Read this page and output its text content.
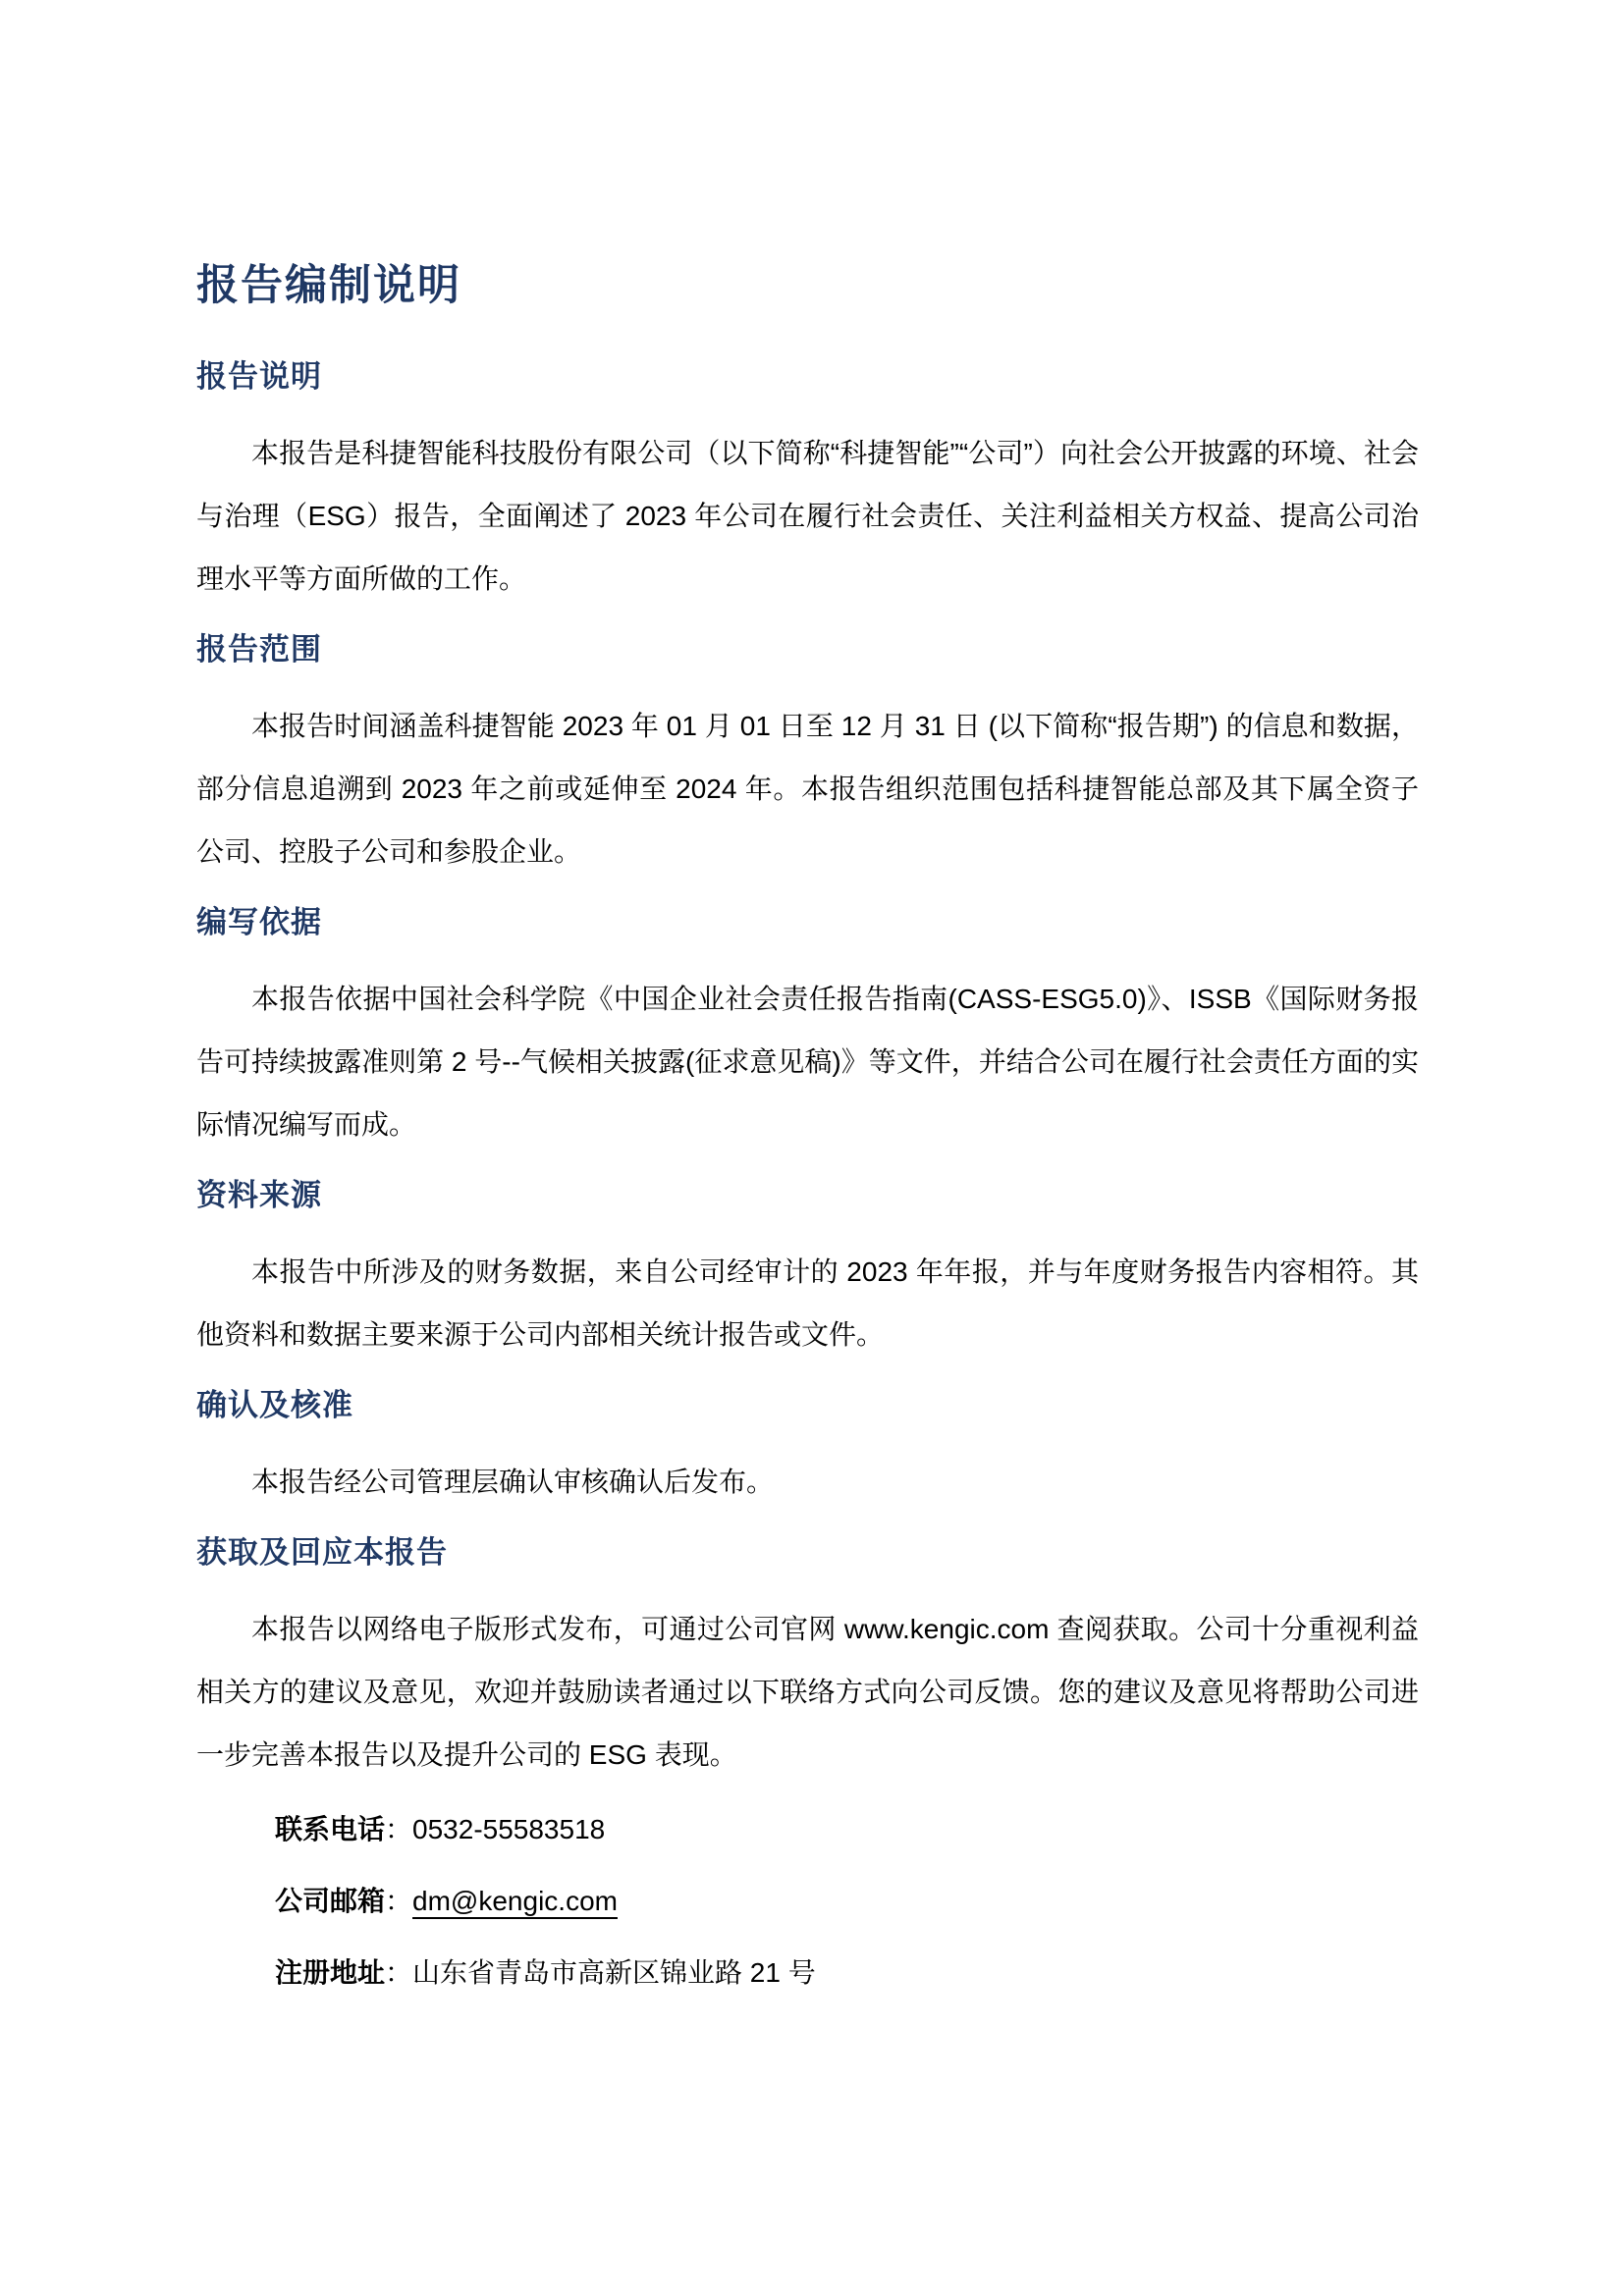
报告编制说明
报告说明

本报告是科捷智能科技股份有限公司（以下简称“科捷智能”“公司”）向社会公开披露的环境、社会与治理（ESG）报告，全面阐述了 2023 年公司在履行社会责任、关注利益相关方权益、提高公司治理水平等方面所做的工作。

报告范围

本报告时间涵盖科捷智能 2023 年 01 月 01 日至 12 月 31 日 (以下简称“报告期”) 的信息和数据，部分信息追溯到 2023 年之前或延伸至 2024 年。本报告组织范围包括科捷智能总部及其下属全资子公司、控股子公司和参股企业。

编写依据

本报告依据中国社会科学院《中国企业社会责任报告指南(CASS-ESG5.0)》、ISSB《国际财务报告可持续披露准则第 2 号--气候相关披露(征求意见稿)》等文件，并结合公司在履行社会责任方面的实际情况编写而成。

资料来源

本报告中所涉及的财务数据，来自公司经审计的 2023 年年报，并与年度财务报告内容相符。其他资料和数据主要来源于公司内部相关统计报告或文件。

确认及核准

本报告经公司管理层确认审核确认后发布。

获取及回应本报告

本报告以网络电子版形式发布，可通过公司官网 www.kengic.com 查阅获取。公司十分重视利益相关方的建议及意见，欢迎并鼓励读者通过以下联络方式向公司反馈。您的建议及意见将帮助公司进一步完善本报告以及提升公司的 ESG 表现。

联系电话：0532-55583518
公司邮箱：dm@kengic.com
注册地址：山东省青岛市高新区锦业路 21 号
